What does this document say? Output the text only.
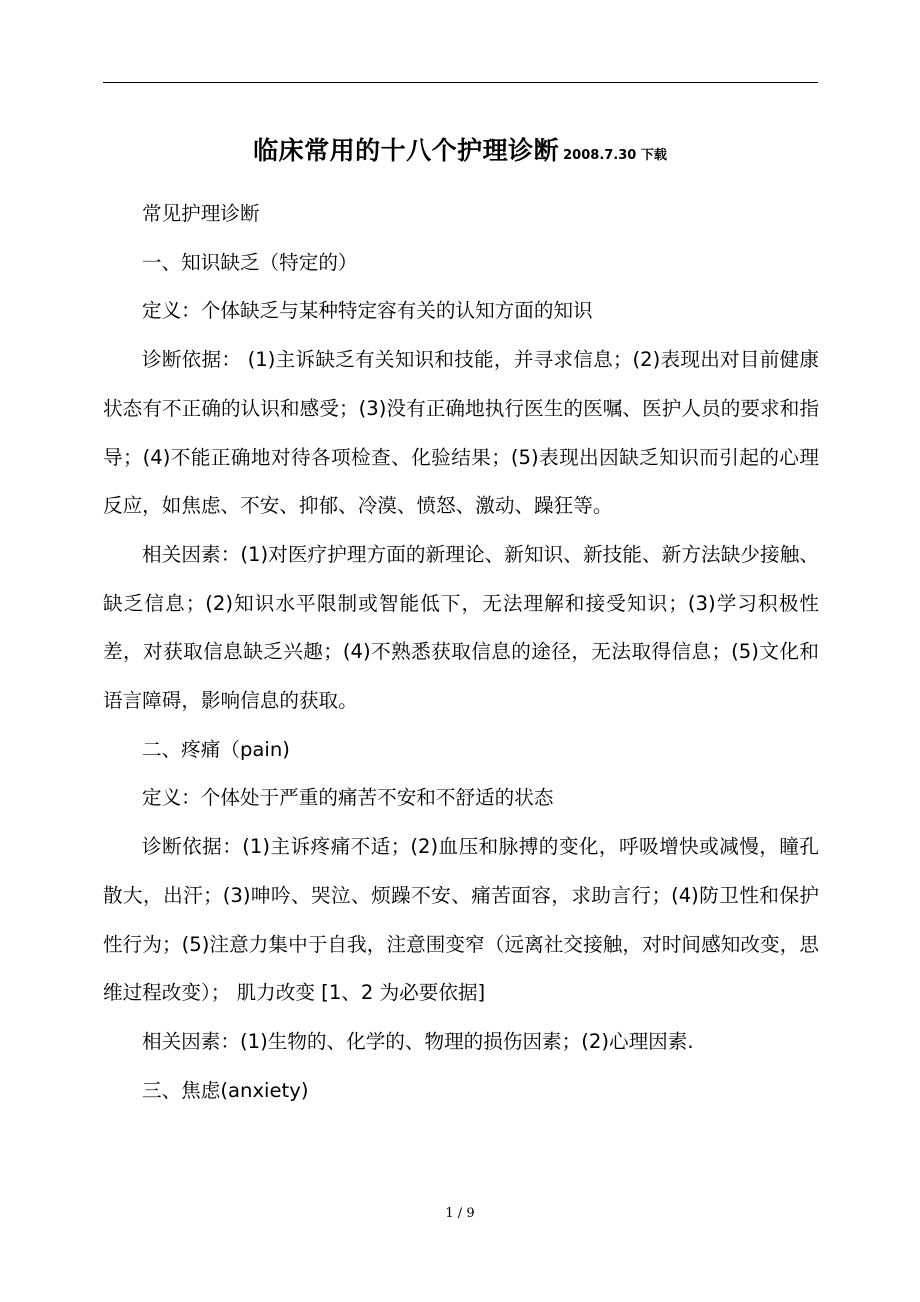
临床常用的十八个护理诊断 2008.7.30 下载

常见护理诊断

一、知识缺乏（特定的）

定义：个体缺乏与某种特定容有关的认知方面的知识

诊断依据： (1)主诉缺乏有关知识和技能，并寻求信息；(2)表现出对目前健康状态有不正确的认识和感受；(3)没有正确地执行医生的医嘱、医护人员的要求和指导；(4)不能正确地对待各项检查、化验结果；(5)表现出因缺乏知识而引起的心理反应，如焦虑、不安、抑郁、冷漠、愤怒、激动、躁狂等。

相关因素：(1)对医疗护理方面的新理论、新知识、新技能、新方法缺少接触、缺乏信息；(2)知识水平限制或智能低下，无法理解和接受知识；(3)学习积极性差，对获取信息缺乏兴趣；(4)不熟悉获取信息的途径，无法取得信息；(5)文化和语言障碍，影响信息的获取。

二、疼痛（pain)

定义：个体处于严重的痛苦不安和不舒适的状态

诊断依据：(1)主诉疼痛不适；(2)血压和脉搏的变化，呼吸增快或减慢，瞳孔散大，出汗；(3)呻吟、哭泣、烦躁不安、痛苦面容，求助言行；(4)防卫性和保护性行为；(5)注意力集中于自我，注意围变窄（远离社交接触，对时间感知改变，思维过程改变）； 肌力改变 [1、2 为必要依据]

相关因素：(1)生物的、化学的、物理的损伤因素；(2)心理因素.

三、焦虑(anxiety)

1 / 9
